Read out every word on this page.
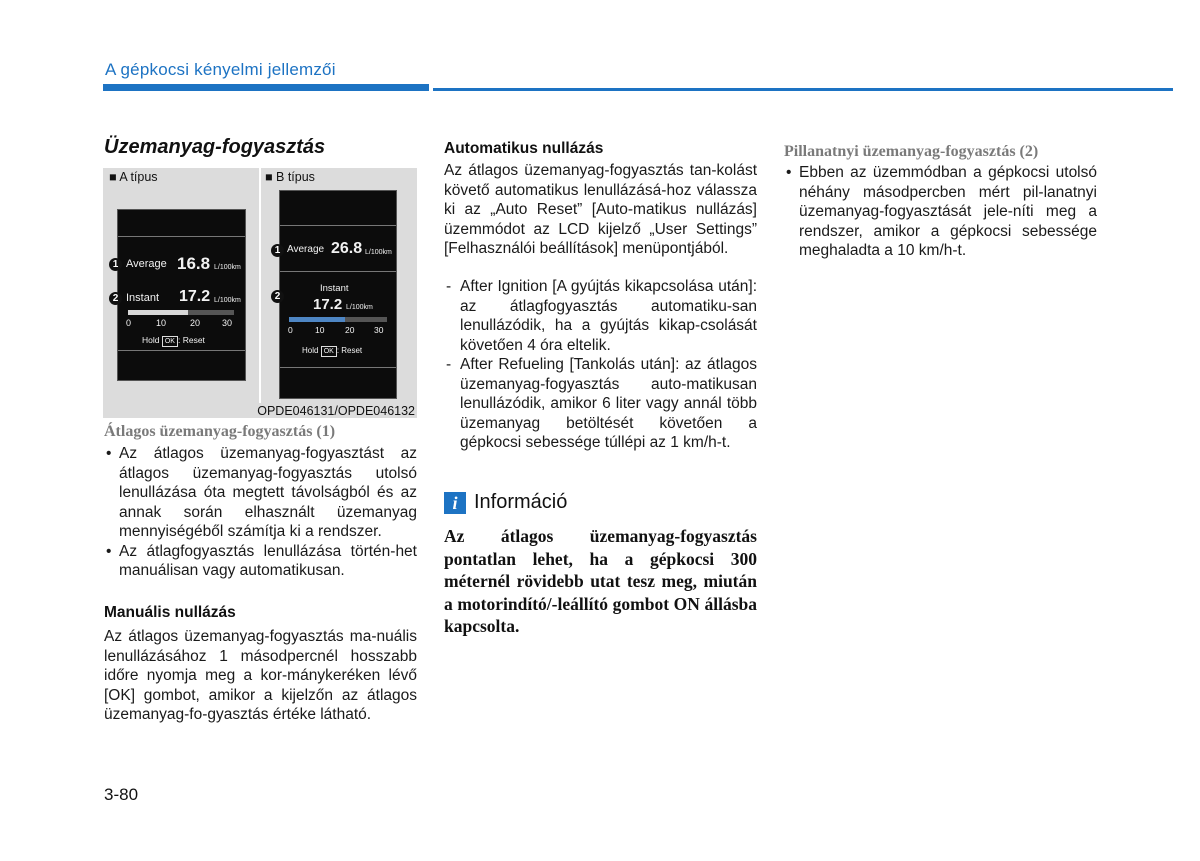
A gépkocsi kényelmi jellemzői
Üzemanyag-fogyasztás
■ A típus	■ B típus
Average 16.8 L/100km
Instant 17.2 L/100km
0	10	20 30
Hold OK : Reset
Average 26.8 L/100km
Instant
17.2 L/100km
0	10 20 30
Hold OK : Reset
1
2
1
2
OPDE046131/OPDE046132
Átlagos üzemanyag-fogyasztás (1)
• Az átlagos üzemanyag-fogyasztást az átlagos üzemanyag-fogyasztás utolsó lenullázása óta megtett távolságból és az annak során elhasznált üzemanyag mennyiségéből számítja ki a rendszer.
• Az átlagfogyasztás lenullázása történ-het manuálisan vagy automatikusan.
Manuális nullázás
Az átlagos üzemanyag-fogyasztás ma-nuális lenullázásához 1 másodpercnél hosszabb időre nyomja meg a kor-mánykeréken lévő [OK] gombot, amikor a kijelzőn az átlagos üzemanyag-fo-gyasztás értéke látható.
Automatikus nullázás
Az átlagos üzemanyag-fogyasztás tan-kolást követő automatikus lenullázásá-hoz válassza ki az „Auto Reset” [Auto-matikus nullázás] üzemmódot az LCD kijelző „User Settings” [Felhasználói beállítások] menüpontjából.
- After Ignition [A gyújtás kikapcsolása után]: az átlagfogyasztás automatiku-san lenullázódik, ha a gyújtás kikap-csolását követően 4 óra eltelik.
- After Refueling [Tankolás után]: az átlagos üzemanyag-fogyasztás auto-matikusan lenullázódik, amikor 6 liter vagy annál több üzemanyag betöltését követően a gépkocsi sebessége túllépi az 1 km/h-t.
i Információ
Az átlagos üzemanyag-fogyasztás pontatlan lehet, ha a gépkocsi 300 méternél rövidebb utat tesz meg, miután a motorindító/-leállító gombot ON állásba kapcsolta.
Pillanatnyi üzemanyag-fogyasztás (2)
• Ebben az üzemmódban a gépkocsi utolsó néhány másodpercben mért pil-lanatnyi üzemanyag-fogyasztását jele-níti meg a rendszer, amikor a gépkocsi sebessége meghaladta a 10 km/h-t.
3-80
